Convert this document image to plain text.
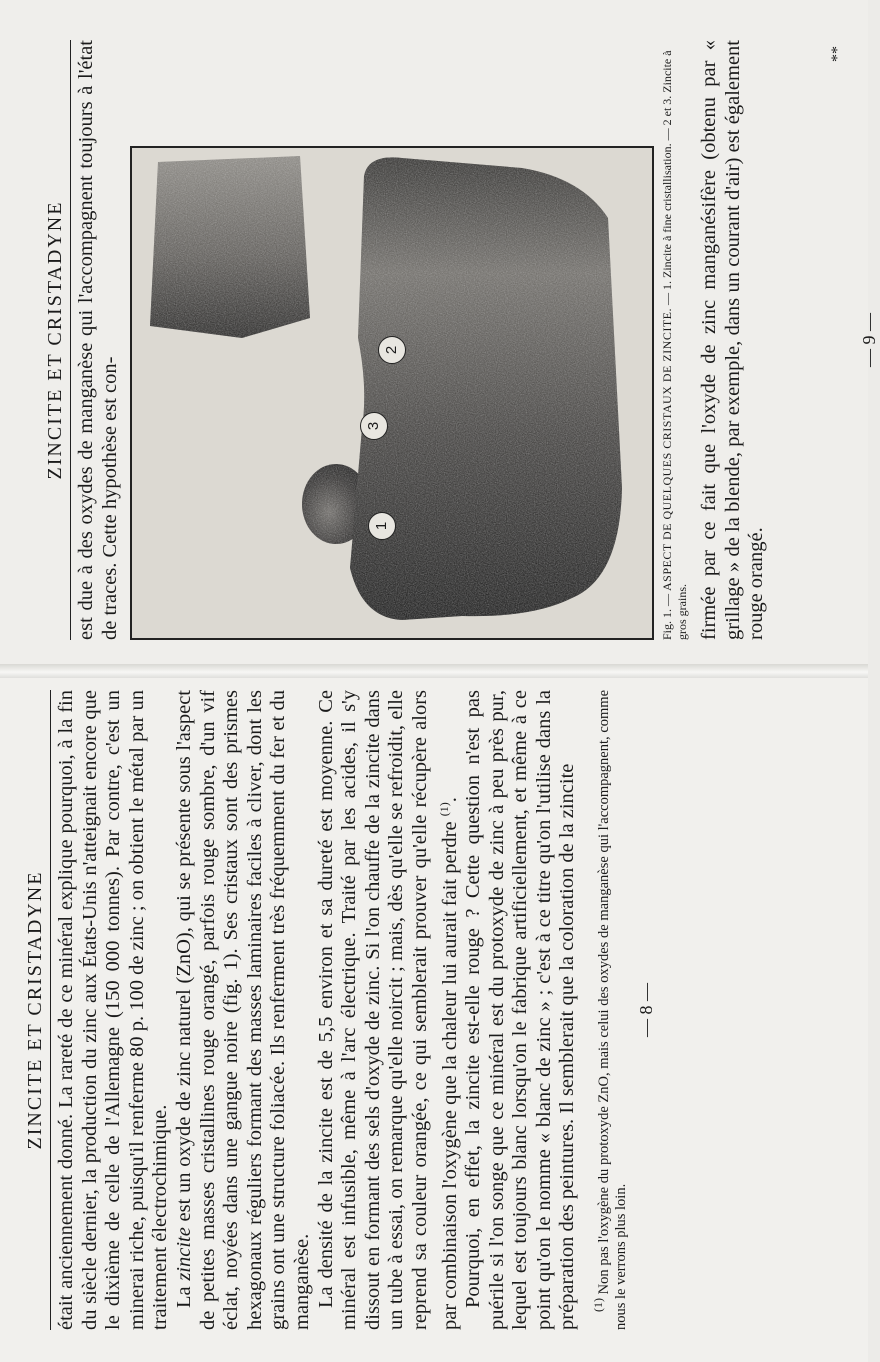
ZINCITE ET CRISTADYNE est due à des oxydes de manganèse qui l'accompagnent toujours à l'état de traces. Cette hypothèse est con-	1
2
3
Fig. 1. — ASPECT DE QUELQUES CRISTAUX DE ZINCITE. — 1. Zincite à fine cristallisation. — 2 et 3. Zincite à gros grains. firmée par ce fait que l'oxyde de zinc manganésifère (obtenu par « grillage » de la blende, par exemple, dans un courant d'air) est également rouge orangé.

— 9 —
**
ZINCITE ET CRISTADYNE était anciennement donné. La rareté de ce minéral explique pourquoi, à la fin du siècle dernier, la production du zinc aux États-Unis n'atteignait encore que le dixième de celle de l'Allemagne (150 000 tonnes). Par contre, c'est un minerai riche, puisqu'il renferme 80 p. 100 de zinc ; on obtient le métal par un traitement électrochimique. La zincite est un oxyde de zinc naturel (ZnO), qui se présente sous l'aspect de petites masses cristallines rouge orangé, parfois rouge sombre, d'un vif éclat, noyées dans une gangue noire (fig. 1). Ses cristaux sont des prismes hexagonaux réguliers formant des masses laminaires faciles à cliver, dont les grains ont une structure foliacée. Ils renferment très fréquemment du fer et du manganèse. La densité de la zincite est de 5,5 environ et sa dureté est moyenne. Ce minéral est infusible, même à l'arc électrique. Traité par les acides, il s'y dissout en formant des sels d'oxyde de zinc. Si l'on chauffe de la zincite dans un tube à essai, on remarque qu'elle noircit ; mais, dès qu'elle se refroidit, elle reprend sa couleur orangée, ce qui semblerait prouver qu'elle récupère alors par combinaison l'oxygène que la chaleur lui aurait fait perdre $^{(1)}$. Pourquoi, en effet, la zincite est-elle rouge ? Cette question n'est pas puérile si l'on songe que ce minéral est du protoxyde de zinc à peu près pur, lequel est toujours blanc lorsqu'on le fabrique artificiellement, et même à ce point qu'on le nomme « blanc de zinc » ; c'est à ce titre qu'on l'utilise dans la préparation des peintures. Il semblerait que la coloration de la zincite $^{(1)}$ Non pas l'oxygène du protoxyde ZnO, mais celui des oxydes de manganèse qui l'accompagnent, comme nous le verrons plus loin.

— 8 —
